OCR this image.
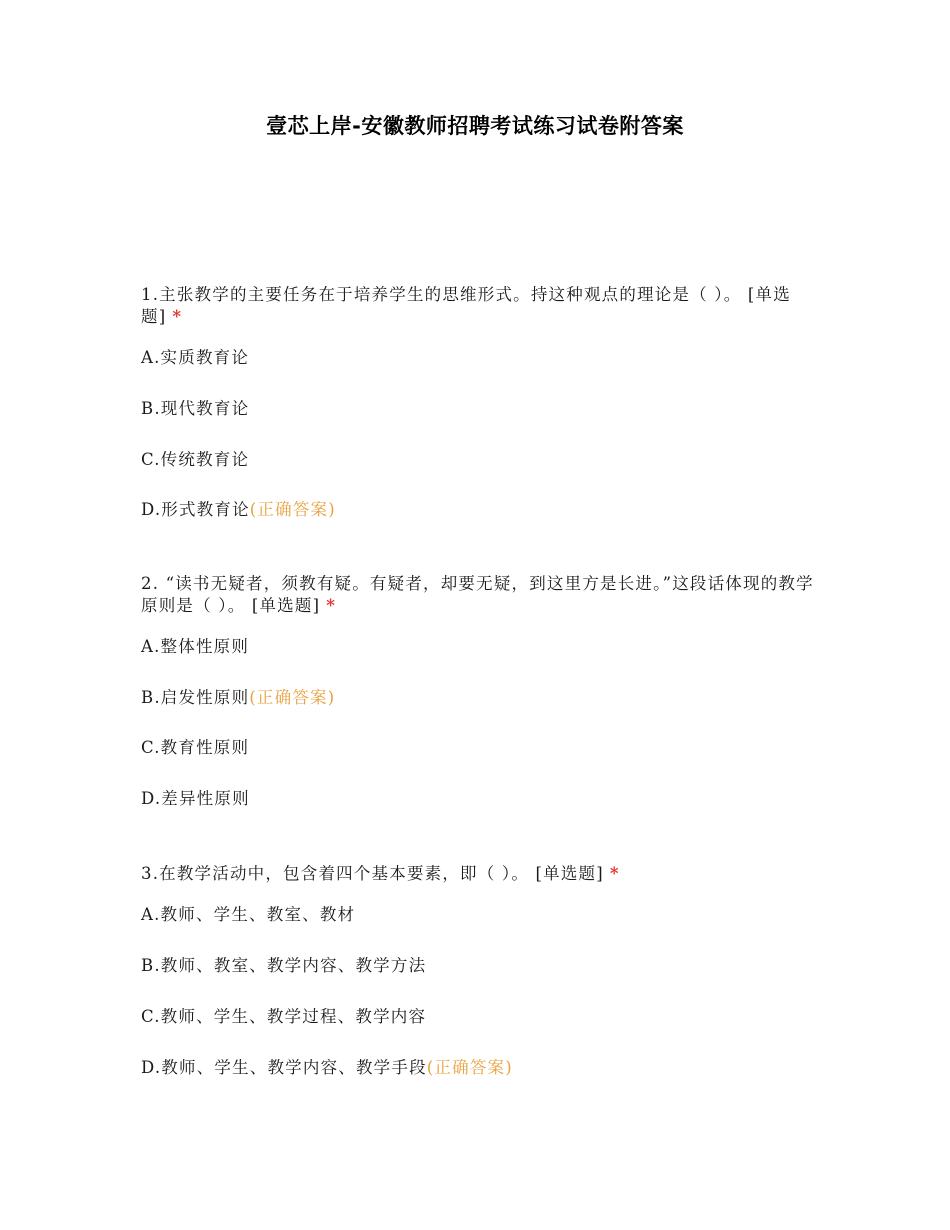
壹芯上岸-安徽教师招聘考试练习试卷附答案

1.主张教学的主要任务在于培养学生的思维形式。持这种观点的理论是（ ）。 [单选题] *

A.实质教育论

B.现代教育论

C.传统教育论

D.形式教育论(正确答案)

2. “读书无疑者，须教有疑。有疑者，却要无疑，到这里方是长进。”这段话体现的教学原则是（ ）。 [单选题] *

A.整体性原则

B.启发性原则(正确答案)

C.教育性原则

D.差异性原则

3.在教学活动中，包含着四个基本要素，即（ ）。 [单选题] *

A.教师、学生、教室、教材

B.教师、教室、教学内容、教学方法

C.教师、学生、教学过程、教学内容

D.教师、学生、教学内容、教学手段(正确答案)
